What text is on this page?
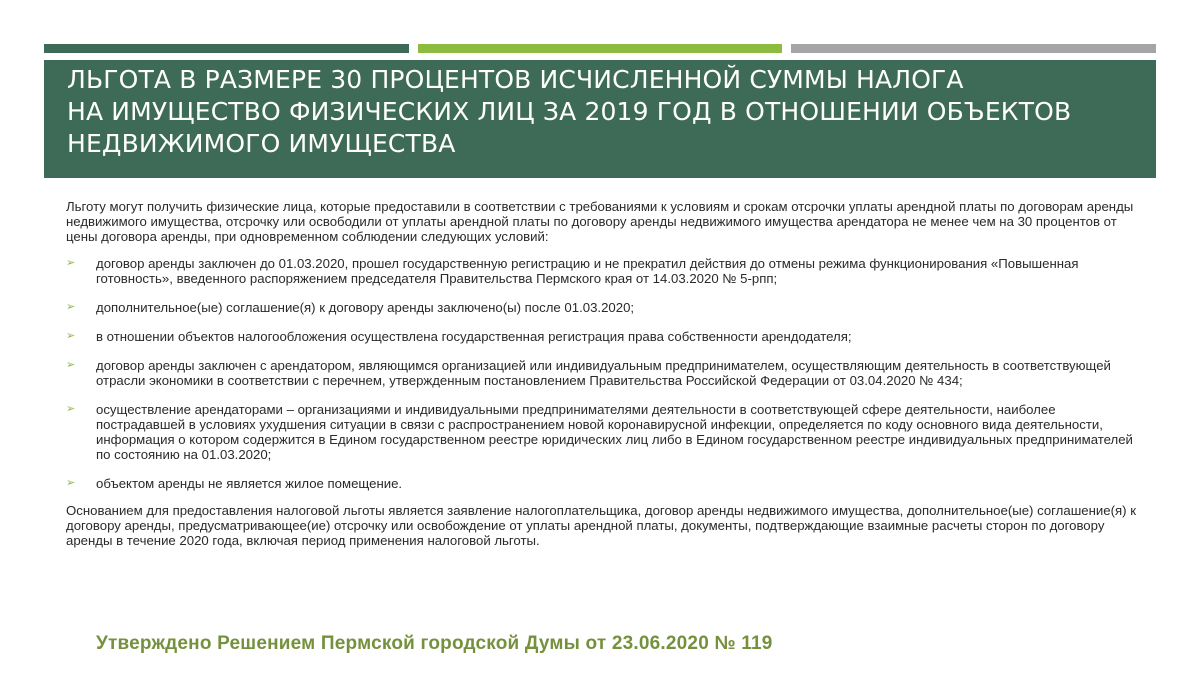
ЛЬГОТА В РАЗМЕРЕ 30 ПРОЦЕНТОВ ИСЧИСЛЕННОЙ СУММЫ НАЛОГА
НА ИМУЩЕСТВО ФИЗИЧЕСКИХ ЛИЦ ЗА 2019 ГОД В ОТНОШЕНИИ ОБЪЕКТОВ
НЕДВИЖИМОГО ИМУЩЕСТВА

Льготу могут получить физические лица, которые предоставили в соответствии с требованиями к условиям и срокам отсрочки уплаты арендной платы по договорам аренды недвижимого имущества, отсрочку или освободили от уплаты арендной платы по договору аренды недвижимого имущества арендатора не менее чем на 30 процентов от цены договора аренды, при одновременном соблюдении следующих условий:

➢ договор аренды заключен до 01.03.2020, прошел государственную регистрацию и не прекратил действия до отмены режима функционирования «Повышенная готовность», введенного распоряжением председателя Правительства Пермского края от 14.03.2020 № 5-рпп;
➢ дополнительное(ые) соглашение(я) к договору аренды заключено(ы) после 01.03.2020;
➢ в отношении объектов налогообложения осуществлена государственная регистрация права собственности арендодателя;
➢ договор аренды заключен с арендатором, являющимся организацией или индивидуальным предпринимателем, осуществляющим деятельность в соответствующей отрасли экономики в соответствии с перечнем, утвержденным постановлением Правительства Российской Федерации от 03.04.2020 № 434;
➢ осуществление арендаторами – организациями и индивидуальными предпринимателями деятельности в соответствующей сфере деятельности, наиболее пострадавшей в условиях ухудшения ситуации в связи с распространением новой коронавирусной инфекции, определяется по коду основного вида деятельности, информация о котором содержится в Едином государственном реестре юридических лиц либо в Едином государственном реестре индивидуальных предпринимателей по состоянию на 01.03.2020;
➢ объектом аренды не является жилое помещение.

Основанием для предоставления налоговой льготы является заявление налогоплательщика, договор аренды недвижимого имущества, дополнительное(ые) соглашение(я) к договору аренды, предусматривающее(ие) отсрочку или освобождение от уплаты арендной платы, документы, подтверждающие взаимные расчеты сторон по договору аренды в течение 2020 года, включая период применения налоговой льготы.

Утверждено Решением Пермской городской Думы от 23.06.2020 № 119
